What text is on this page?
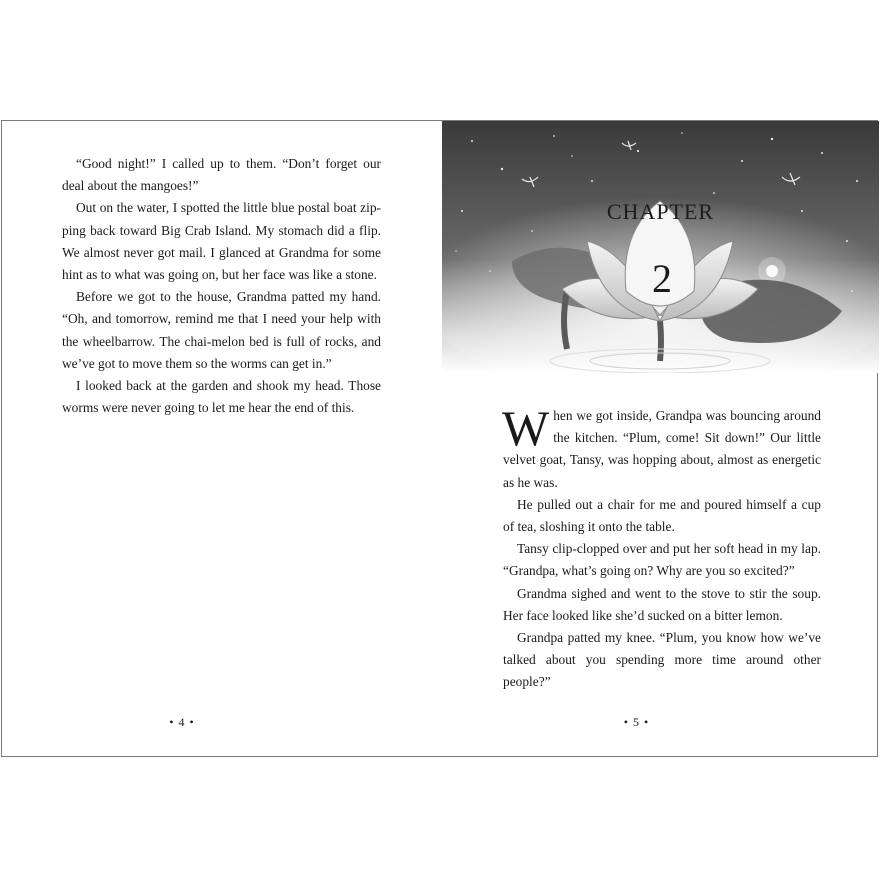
“Good night!” I called up to them. “Don’t forget our deal about the mangoes!”

Out on the water, I spotted the little blue postal boat zipping back toward Big Crab Island. My stomach did a flip. We almost never got mail. I glanced at Grandma for some hint as to what was going on, but her face was like a stone.

Before we got to the house, Grandma patted my hand. “Oh, and tomorrow, remind me that I need your help with the wheelbarrow. The chai-melon bed is full of rocks, and we’ve got to move them so the worms can get in.”

I looked back at the garden and shook my head. Those worms were never going to let me hear the end of this.

• 4 •
CHAPTER
2

When we got inside, Grandpa was bouncing around the kitchen. “Plum, come! Sit down!” Our little velvet goat, Tansy, was hopping about, almost as energetic as he was.

He pulled out a chair for me and poured himself a cup of tea, sloshing it onto the table.

Tansy clip-clopped over and put her soft head in my lap. “Grandpa, what’s going on? Why are you so excited?”

Grandma sighed and went to the stove to stir the soup. Her face looked like she’d sucked on a bitter lemon.

Grandpa patted my knee. “Plum, you know how we’ve talked about you spending more time around other people?”

• 5 •
